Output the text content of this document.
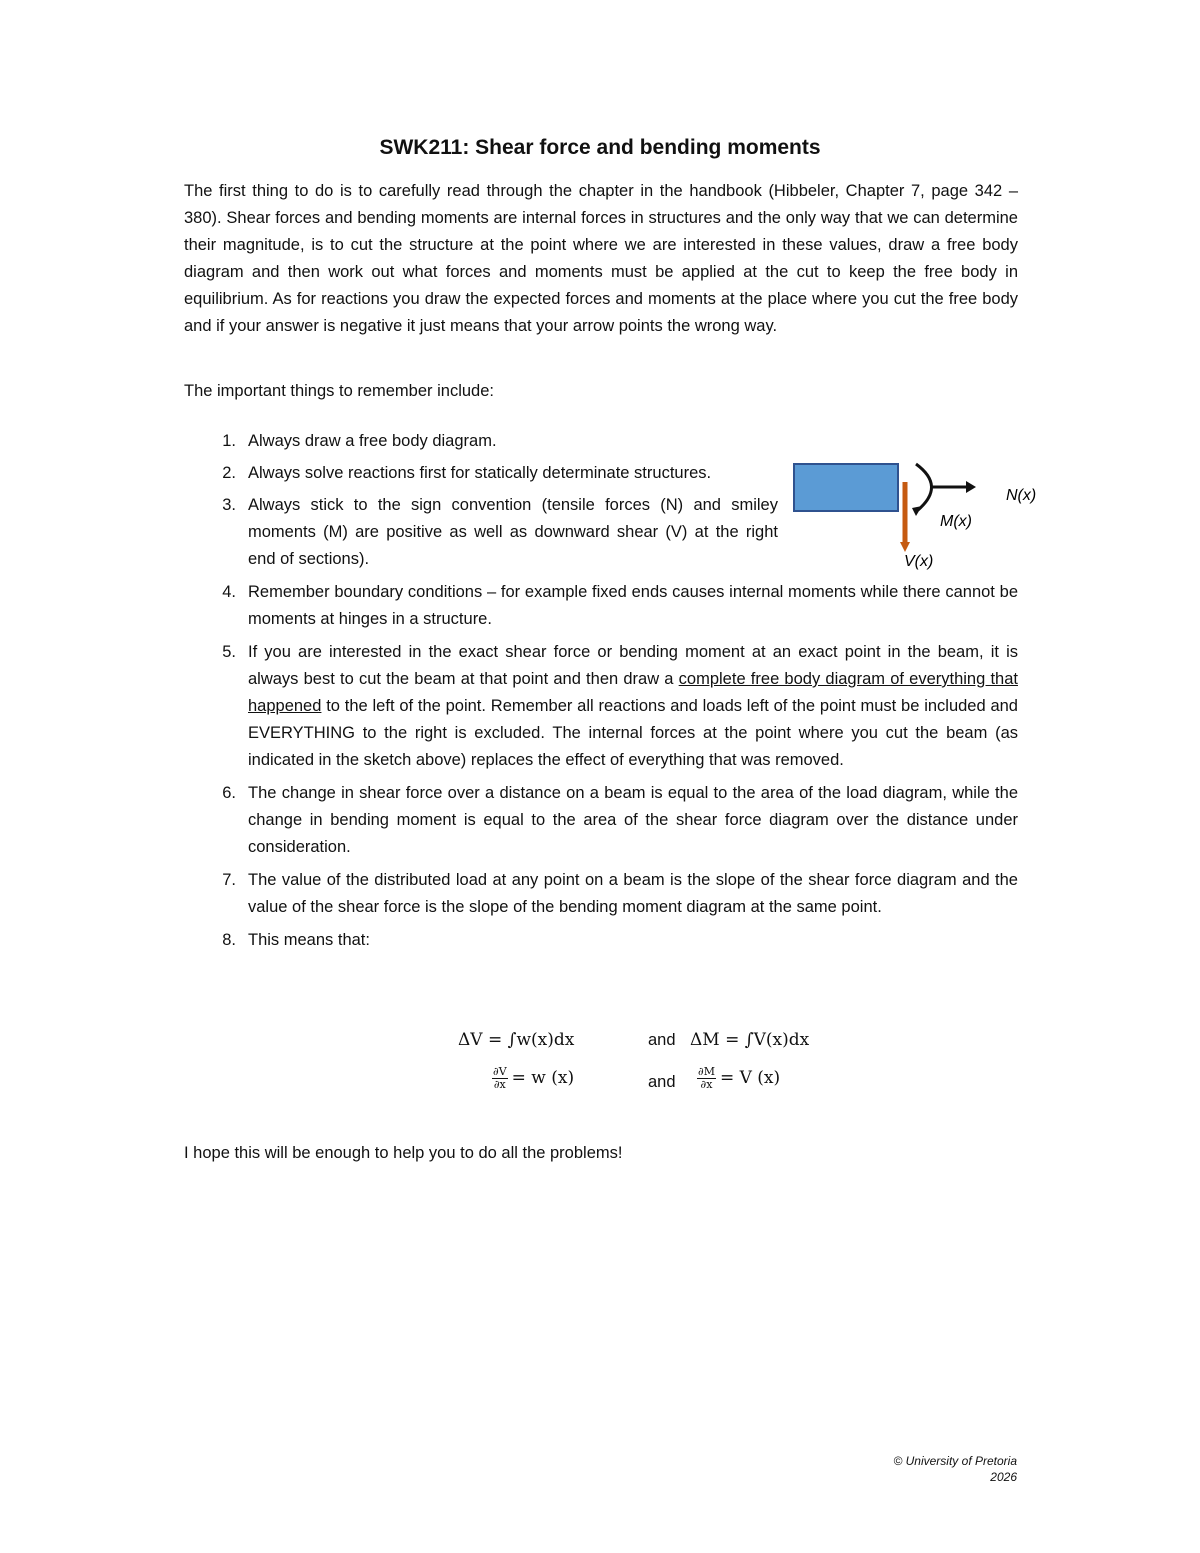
SWK211: Shear force and bending moments

The first thing to do is to carefully read through the chapter in the handbook (Hibbeler, Chapter 7, page 342 – 380). Shear forces and bending moments are internal forces in structures and the only way that we can determine their magnitude, is to cut the structure at the point where we are interested in these values, draw a free body diagram and then work out what forces and moments must be applied at the cut to keep the free body in equilibrium. As for reactions you draw the expected forces and moments at the place where you cut the free body and if your answer is negative it just means that your arrow points the wrong way.

The important things to remember include:

1. Always draw a free body diagram.
2. Always solve reactions first for statically determinate structures.
3. Always stick to the sign convention (tensile forces (N) and smiley moments (M) are positive as well as downward shear (V) at the right end of sections).
4. Remember boundary conditions – for example fixed ends causes internal moments while there cannot be moments at hinges in a structure.
5. If you are interested in the exact shear force or bending moment at an exact point in the beam, it is always best to cut the beam at that point and then draw a complete free body diagram of everything that happened to the left of the point. Remember all reactions and loads left of the point must be included and EVERYTHING to the right is excluded. The internal forces at the point where you cut the beam (as indicated in the sketch above) replaces the effect of everything that was removed.
6. The change in shear force over a distance on a beam is equal to the area of the load diagram, while the change in bending moment is equal to the area of the shear force diagram over the distance under consideration.
7. The value of the distributed load at any point on a beam is the slope of the shear force diagram and the value of the shear force is the slope of the bending moment diagram at the same point.
8. This means that:
N(x)
M(x)
V(x)
ΔV = ∫w(x)dx	and ΔM = ∫V(x)dx
$\frac{\partial V}{\partial x} = w$ (x)	and $\frac{\partial M}{\partial x} = V$ (x)

I hope this will be enough to help you to do all the problems!

© University of Pretoria
2026
